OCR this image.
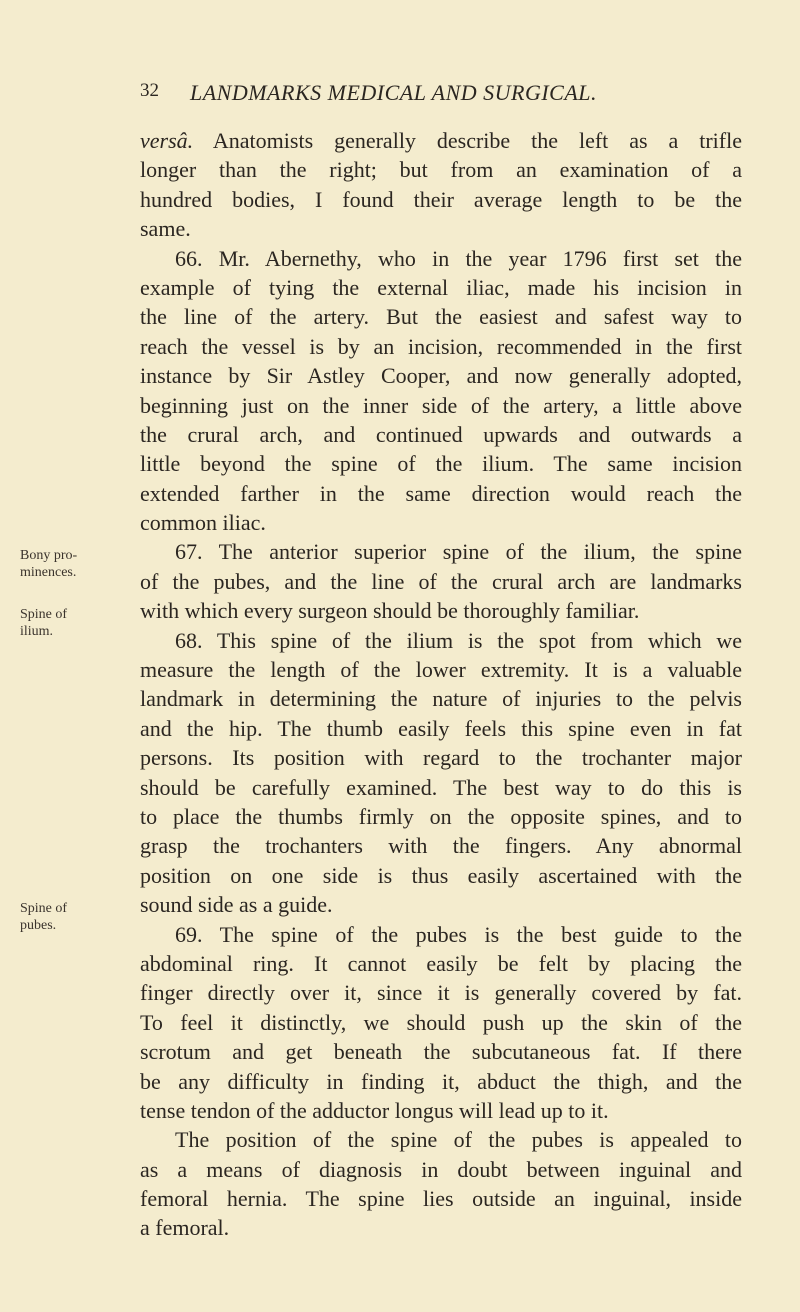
32 LANDMARKS MEDICAL AND SURGICAL.
Bony pro-
minences.
Spine of
ilium.
Spine of
pubes.
versâ. Anatomists generally describe the left as a trifle
longer than the right; but from an examination of a
hundred bodies, I found their average length to be the
same.
66. Mr. Abernethy, who in the year 1796 first set the
example of tying the external iliac, made his incision in
the line of the artery. But the easiest and safest way to
reach the vessel is by an incision, recommended in the first
instance by Sir Astley Cooper, and now generally adopted,
beginning just on the inner side of the artery, a little above
the crural arch, and continued upwards and outwards a
little beyond the spine of the ilium. The same incision
extended farther in the same direction would reach the
common iliac.
67. The anterior superior spine of the ilium, the spine
of the pubes, and the line of the crural arch are landmarks
with which every surgeon should be thoroughly familiar.
68. This spine of the ilium is the spot from which we
measure the length of the lower extremity. It is a valuable
landmark in determining the nature of injuries to the pelvis
and the hip. The thumb easily feels this spine even in fat
persons. Its position with regard to the trochanter major
should be carefully examined. The best way to do this is
to place the thumbs firmly on the opposite spines, and to
grasp the trochanters with the fingers. Any abnormal
position on one side is thus easily ascertained with the
sound side as a guide.
69. The spine of the pubes is the best guide to the
abdominal ring. It cannot easily be felt by placing the
finger directly over it, since it is generally covered by fat.
To feel it distinctly, we should push up the skin of the
scrotum and get beneath the subcutaneous fat. If there
be any difficulty in finding it, abduct the thigh, and the
tense tendon of the adductor longus will lead up to it.
The position of the spine of the pubes is appealed to
as a means of diagnosis in doubt between inguinal and
femoral hernia. The spine lies outside an inguinal, inside
a femoral.
